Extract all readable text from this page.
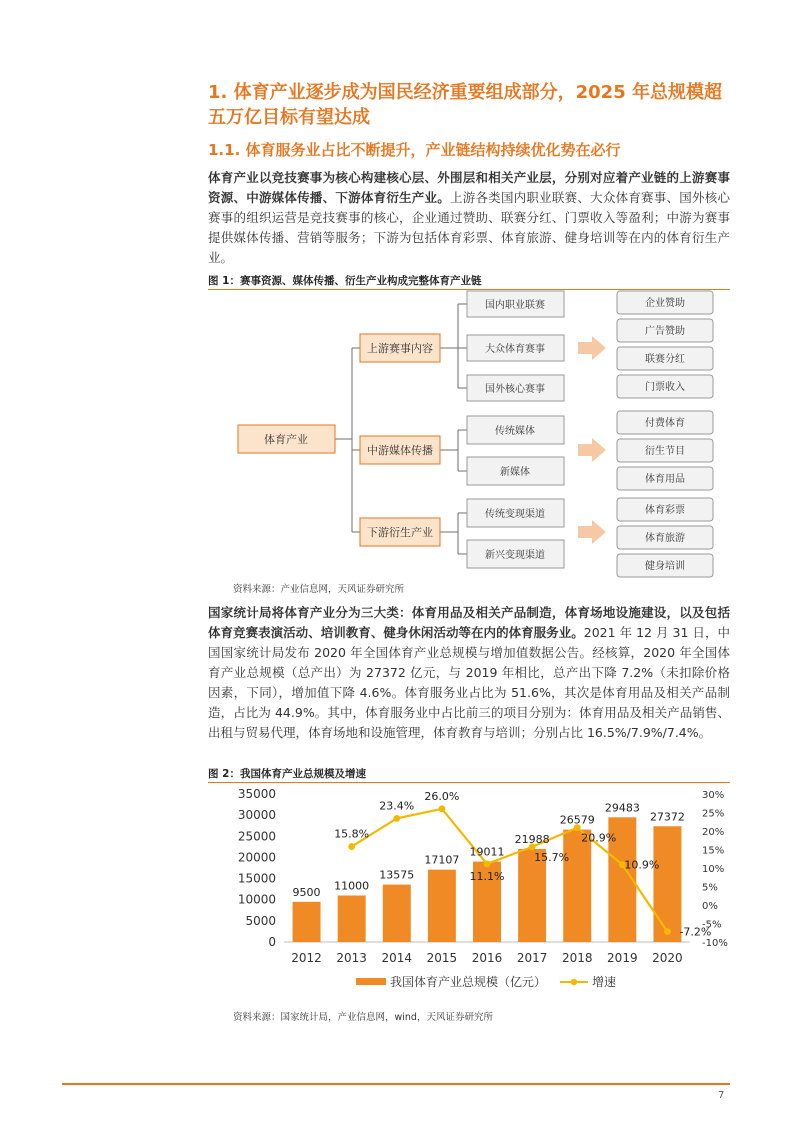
1. 体育产业逐步成为国民经济重要组成部分，2025 年总规模超五万亿目标有望达成
1.1. 体育服务业占比不断提升，产业链结构持续优化势在必行
体育产业以竞技赛事为核心构建核心层、外围层和相关产业层，分别对应着产业链的上游赛事资源、中游媒体传播、下游体育衍生产业。上游各类国内职业联赛、大众体育赛事、国外核心赛事的组织运营是竞技赛事的核心，企业通过赞助、联赛分红、门票收入等盈利；中游为赛事提供媒体传播、营销等服务；下游为包括体育彩票、体育旅游、健身培训等在内的体育衍生产业。
图 1：赛事资源、媒体传播、衍生产业构成完整体育产业链
体育产业
上游赛事内容
中游媒体传播
下游衍生产业
国内职业联赛
大众体育赛事
国外核心赛事
传统媒体
新媒体
传统变现渠道
新兴变现渠道
企业赞助
广告赞助
联赛分红
门票收入
付费体育
衍生节目
体育用品
体育彩票
体育旅游
健身培训
资料来源：产业信息网，天风证券研究所
国家统计局将体育产业分为三大类：体育用品及相关产品制造，体育场地设施建设，以及包括体育竞赛表演活动、培训教育、健身休闲活动等在内的体育服务业。2021 年 12 月 31 日，中国国家统计局发布 2020 年全国体育产业总规模与增加值数据公告。经核算，2020 年全国体育产业总规模（总产出）为 27372 亿元，与 2019 年相比，总产出下降 7.2%（未扣除价格因素，下同），增加值下降 4.6%。体育服务业占比为 51.6%，其次是体育用品及相关产品制造，占比为 44.9%。其中，体育服务业中占比前三的项目分别为：体育用品及相关产品销售、出租与贸易代理，体育场地和设施管理，体育教育与培训；分别占比 16.5%/7.9%/7.4%。
图 2：我国体育产业总规模及增速
0
5000
10000
15000
20000
25000
30000
35000
-10%
-5%
0%
5%
10%
15%
20%
25%
30%
2012 2013 2014 2015 2016 2017 2018 2019 2020
9500 11000
13575
17107
19011
21988
26579
29483
27372
15.8%
23.4%
26.0%
11.1%
15.7%
20.9%
10.9%
-7.2%
我国体育产业总规模（亿元）	增速
资料来源：国家统计局，产业信息网，wind，天风证券研究所
7
